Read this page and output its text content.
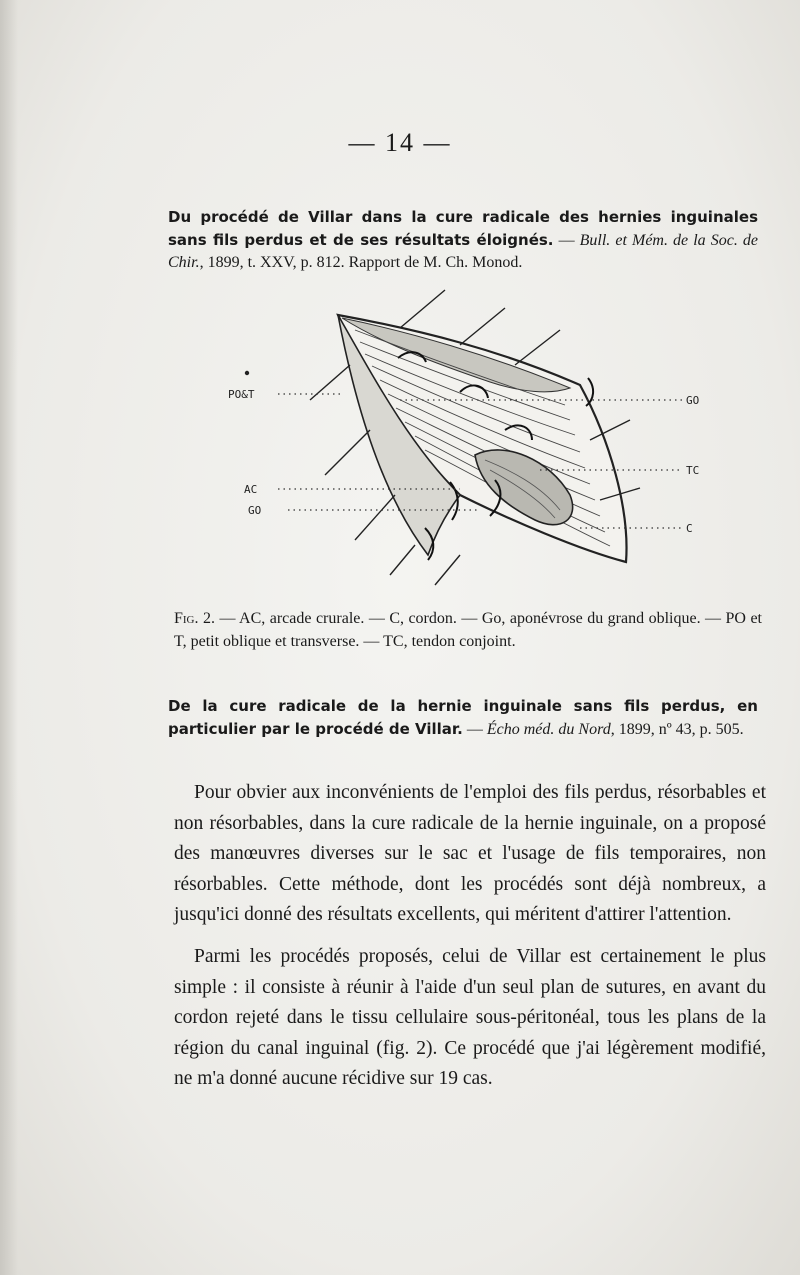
— 14 —
Du procédé de Villar dans la cure radicale des hernies inguinales sans fils perdus et de ses résultats éloignés. — Bull. et Mém. de la Soc. de Chir., 1899, t. XXV, p. 812. Rapport de M. Ch. Monod.
PO&T
AC
GO
GO
TC
C
Fig. 2. — AC, arcade crurale. — C, cordon. — Go, aponévrose du grand oblique. — PO et T, petit oblique et transverse. — TC, tendon conjoint.
De la cure radicale de la hernie inguinale sans fils perdus, en particulier par le procédé de Villar. — Écho méd. du Nord, 1899, nº 43, p. 505.

Pour obvier aux inconvénients de l'emploi des fils perdus, résorbables et non résorbables, dans la cure radicale de la hernie inguinale, on a proposé des manœuvres diverses sur le sac et l'usage de fils temporaires, non résorbables. Cette méthode, dont les procédés sont déjà nombreux, a jusqu'ici donné des résultats excellents, qui méritent d'attirer l'attention.

Parmi les procédés proposés, celui de Villar est certainement le plus simple : il consiste à réunir à l'aide d'un seul plan de sutures, en avant du cordon rejeté dans le tissu cellulaire sous-péritonéal, tous les plans de la région du canal inguinal (fig. 2). Ce procédé que j'ai légèrement modifié, ne m'a donné aucune récidive sur 19 cas.
